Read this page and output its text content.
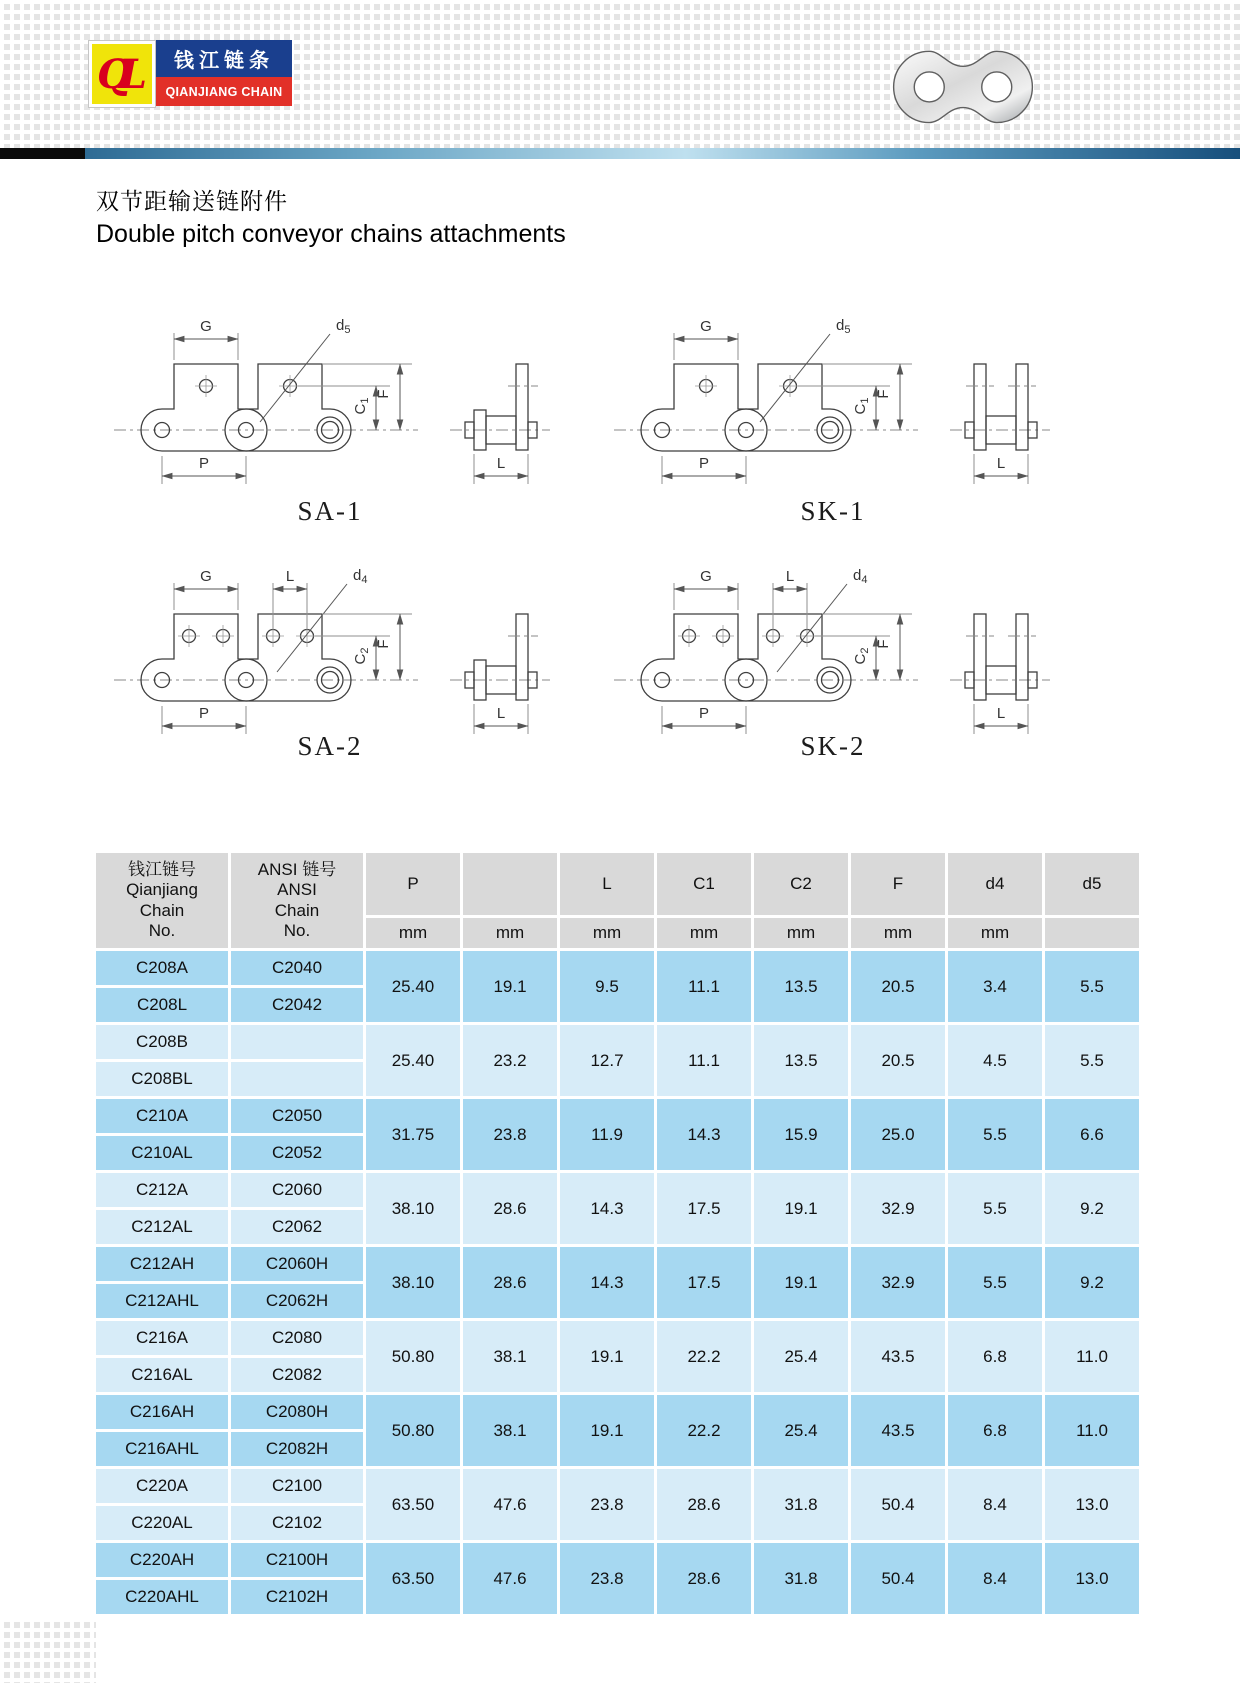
QL	钱江链条
QIANJIANG CHAIN
双节距输送链附件
Double pitch conveyor chains attachments
G	$d_5$
F
$C_1$
P	L
G	$d_5$
F
$C_1$
P	L
G	L	$d_4$
F
$C_2$
P	L
G	L	$d_4$
F
$C_2$
P	L
SA-1	SK-1
SA-2	SK-2
钱江链号
Qianjiang
Chain
No.	ANSI 链号
ANSI
Chain
No.	P		L	C1	C2	F	d4	d5
		mm	mm	mm	mm	mm	mm	mm	
C208A	C2040	25.40	19.1	9.5	11.1	13.5	20.5	3.4	5.5
C208L	C2042								
C208B		25.40	23.2	12.7	11.1	13.5	20.5	4.5	5.5
C208BL									
C210A	C2050	31.75	23.8	11.9	14.3	15.9	25.0	5.5	6.6
C210AL	C2052								
C212A	C2060	38.10	28.6	14.3	17.5	19.1	32.9	5.5	9.2
C212AL	C2062								
C212AH	C2060H	38.10	28.6	14.3	17.5	19.1	32.9	5.5	9.2
C212AHL	C2062H								
C216A	C2080	50.80	38.1	19.1	22.2	25.4	43.5	6.8	11.0
C216AL	C2082								
C216AH	C2080H	50.80	38.1	19.1	22.2	25.4	43.5	6.8	11.0
C216AHL	C2082H								
C220A	C2100	63.50	47.6	23.8	28.6	31.8	50.4	8.4	13.0
C220AL	C2102								
C220AH	C2100H	63.50	47.6	23.8	28.6	31.8	50.4	8.4	13.0
C220AHL	C2102H								
